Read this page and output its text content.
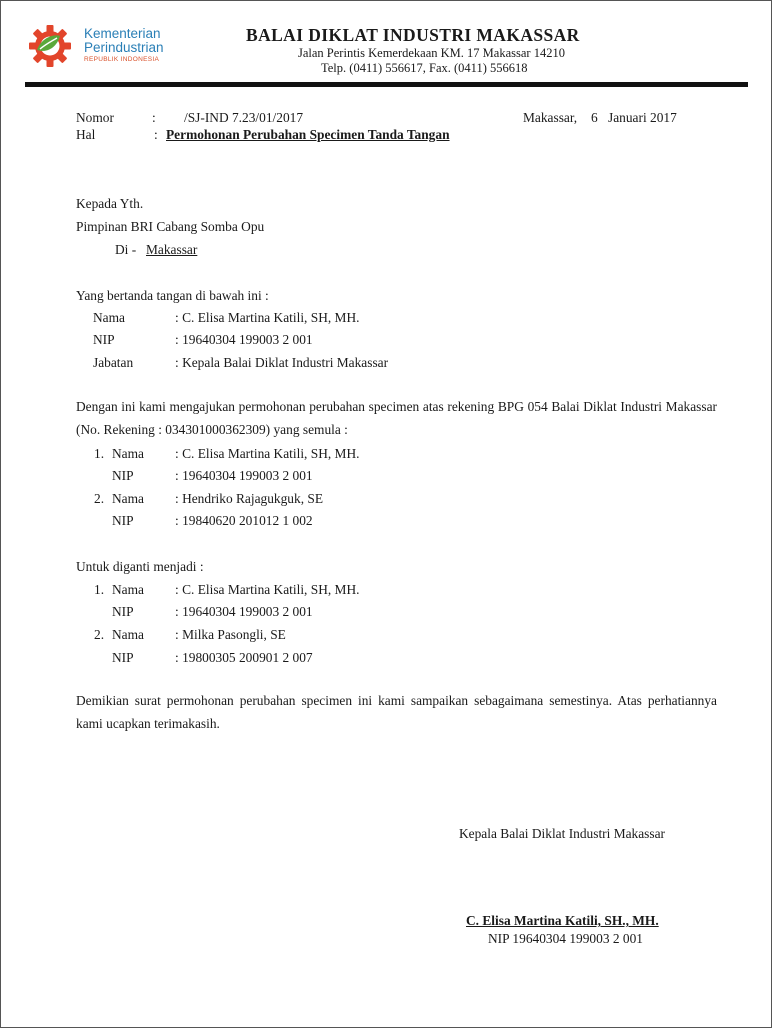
Kementerian
Perindustrian
REPUBLIK INDONESIA
BALAI DIKLAT INDUSTRI MAKASSAR
Jalan Perintis Kemerdekaan KM. 17 Makassar 14210
Telp. (0411) 556617, Fax. (0411) 556618
Nomor	: /SJ-IND 7.23/01/2017	Makassar, 6 Januari 2017
Hal	: Permohonan Perubahan Specimen Tanda Tangan
Kepada Yth.
Pimpinan BRI Cabang Somba Opu
Di - Makassar
Yang bertanda tangan di bawah ini :
Nama	: C. Elisa Martina Katili, SH, MH.
NIP	: 19640304 199003 2 001
Jabatan	: Kepala Balai Diklat Industri Makassar
Dengan ini kami mengajukan permohonan perubahan specimen atas rekening BPG 054 Balai Diklat Industri Makassar (No. Rekening : 034301000362309) yang semula :
1. Nama : C. Elisa Martina Katili, SH, MH.
NIP	: 19640304 199003 2 001
2. Nama : Hendriko Rajagukguk, SE
NIP	: 19840620 201012 1 002
Untuk diganti menjadi :
1. Nama : C. Elisa Martina Katili, SH, MH.
NIP	: 19640304 199003 2 001
2. Nama : Milka Pasongli, SE
NIP	: 19800305 200901 2 007
Demikian surat permohonan perubahan specimen ini kami sampaikan sebagaimana semestinya. Atas perhatiannya kami ucapkan terimakasih.
Kepala Balai Diklat Industri Makassar
C. Elisa Martina Katili, SH., MH.
NIP 19640304 199003 2 001
